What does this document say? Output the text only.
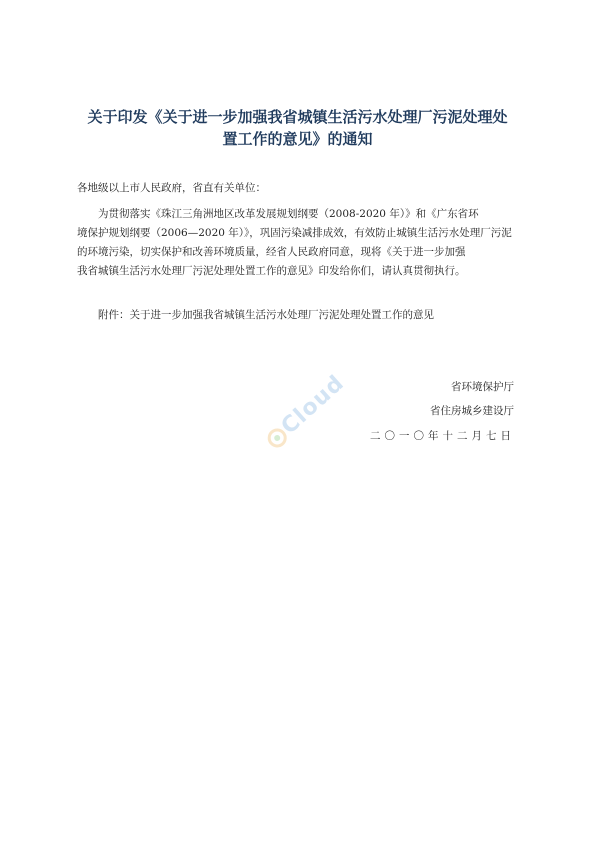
关于印发《关于进一步加强我省城镇生活污水处理厂污泥处理处
置工作的意见》的通知
各地级以上市人民政府，省直有关单位：
为贯彻落实《珠江三角洲地区改革发展规划纲要（2008-2020 年）》和《广东省环
境保护规划纲要（2006—2020 年）》，巩固污染减排成效，有效防止城镇生活污水处理厂污泥
的环境污染，切实保护和改善环境质量，经省人民政府同意，现将《关于进一步加强
我省城镇生活污水处理厂污泥处理处置工作的意见》印发给你们，请认真贯彻执行。
附件：关于进一步加强我省城镇生活污水处理厂污泥处理处置工作的意见
省环境保护厅
省住房城乡建设厅
二〇一〇年十二月七日
Cloud
